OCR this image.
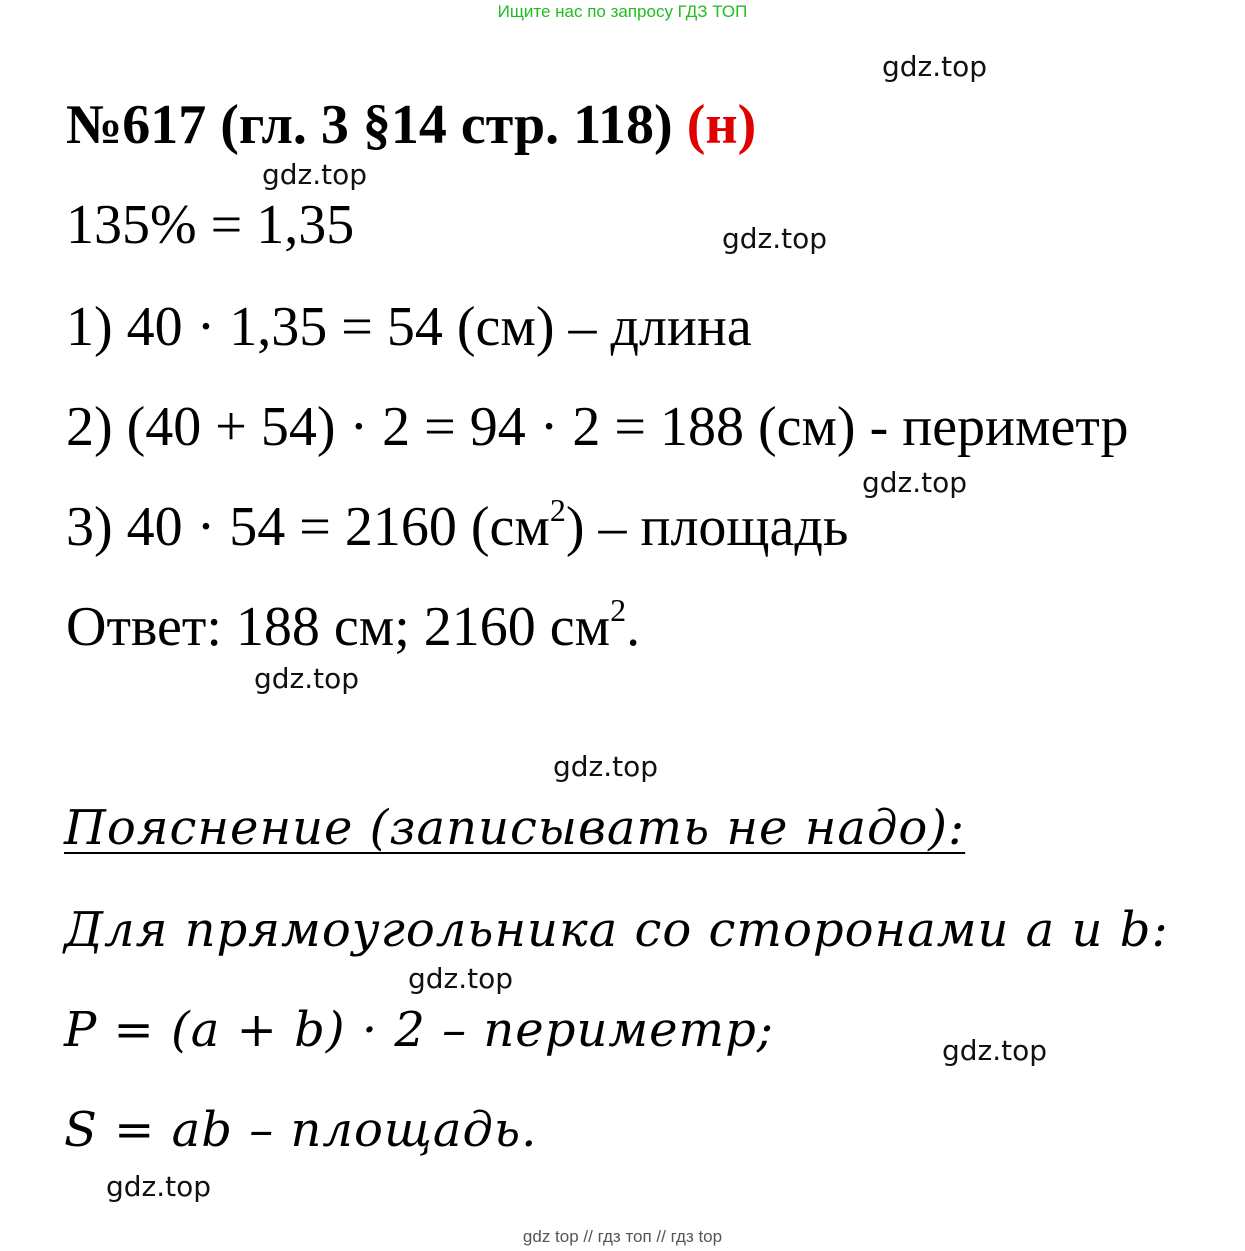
Ищите нас по запросу ГДЗ ТОП
gdz.top
gdz.top
gdz.top
gdz.top
gdz.top
gdz.top
gdz.top
gdz.top
gdz.top
№617 (гл. 3 §14 стр. 118) (н)
135% = 1,35
1) 40 · 1,35 = 54 (см) – длина
2) (40 + 54) · 2 = 94 · 2 = 188 (см) - периметр
3) 40 · 54 = 2160 $(см^2)$ – площадь
Ответ: 188 см; 2160 $см^2$.
Пояснение (записывать не надо):
Для прямоугольника со сторонами a и b:
P = (a + b) · 2 – периметр;
S = ab – площадь.
gdz top // гдз топ // гдз top
